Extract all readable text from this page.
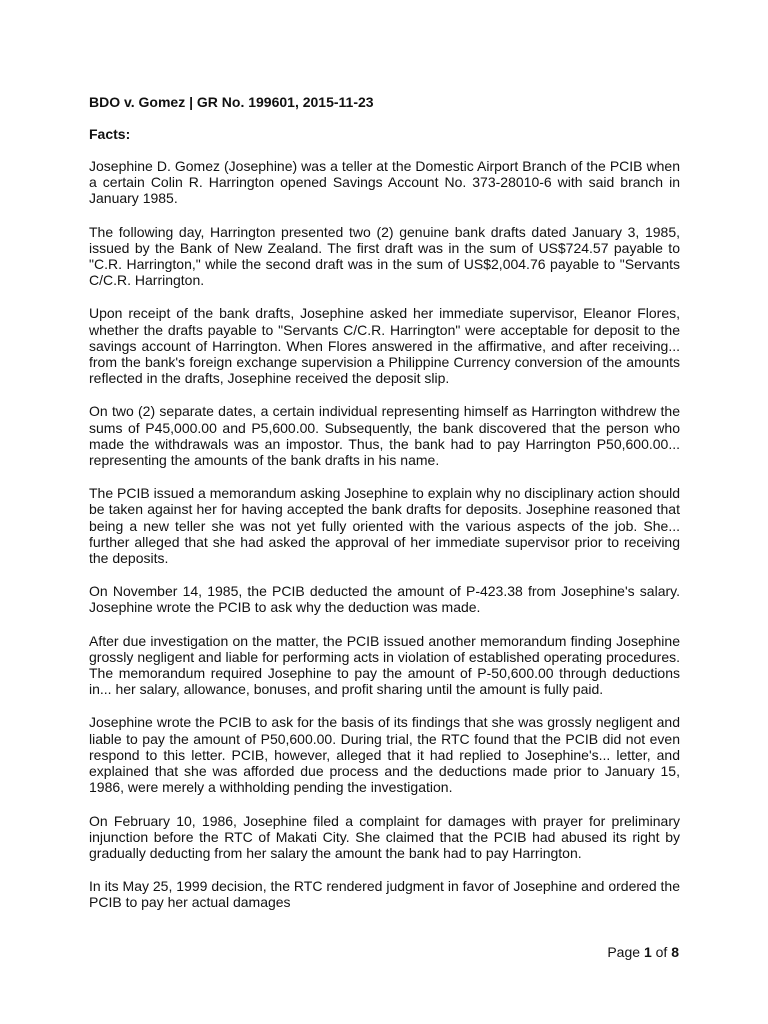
BDO v. Gomez | GR No. 199601, 2015-11-23
Facts:

Josephine D. Gomez (Josephine) was a teller at the Domestic Airport Branch of the PCIB when a certain Colin R. Harrington opened Savings Account No. 373-28010-6 with said branch in January 1985.

The following day, Harrington presented two (2) genuine bank drafts dated January 3, 1985, issued by the Bank of New Zealand. The first draft was in the sum of US$724.57 payable to "C.R. Harrington," while the second draft was in the sum of US$2,004.76 payable to "Servants C/C.R. Harrington.

Upon receipt of the bank drafts, Josephine asked her immediate supervisor, Eleanor Flores, whether the drafts payable to "Servants C/C.R. Harrington" were acceptable for deposit to the savings account of Harrington. When Flores answered in the affirmative, and after receiving... from the bank's foreign exchange supervision a Philippine Currency conversion of the amounts reflected in the drafts, Josephine received the deposit slip.

On two (2) separate dates, a certain individual representing himself as Harrington withdrew the sums of P45,000.00 and P5,600.00. Subsequently, the bank discovered that the person who made the withdrawals was an impostor. Thus, the bank had to pay Harrington P50,600.00... representing the amounts of the bank drafts in his name.

The PCIB issued a memorandum asking Josephine to explain why no disciplinary action should be taken against her for having accepted the bank drafts for deposits. Josephine reasoned that being a new teller she was not yet fully oriented with the various aspects of the job. She... further alleged that she had asked the approval of her immediate supervisor prior to receiving the deposits.

On November 14, 1985, the PCIB deducted the amount of P-423.38 from Josephine's salary. Josephine wrote the PCIB to ask why the deduction was made.

After due investigation on the matter, the PCIB issued another memorandum finding Josephine grossly negligent and liable for performing acts in violation of established operating procedures. The memorandum required Josephine to pay the amount of P-50,600.00 through deductions in... her salary, allowance, bonuses, and profit sharing until the amount is fully paid.

Josephine wrote the PCIB to ask for the basis of its findings that she was grossly negligent and liable to pay the amount of P50,600.00. During trial, the RTC found that the PCIB did not even respond to this letter. PCIB, however, alleged that it had replied to Josephine's... letter, and explained that she was afforded due process and the deductions made prior to January 15, 1986, were merely a withholding pending the investigation.

On February 10, 1986, Josephine filed a complaint for damages with prayer for preliminary injunction before the RTC of Makati City. She claimed that the PCIB had abused its right by gradually deducting from her salary the amount the bank had to pay Harrington.

In its May 25, 1999 decision, the RTC rendered judgment in favor of Josephine and ordered the PCIB to pay her actual damages

Page 1 of 8
